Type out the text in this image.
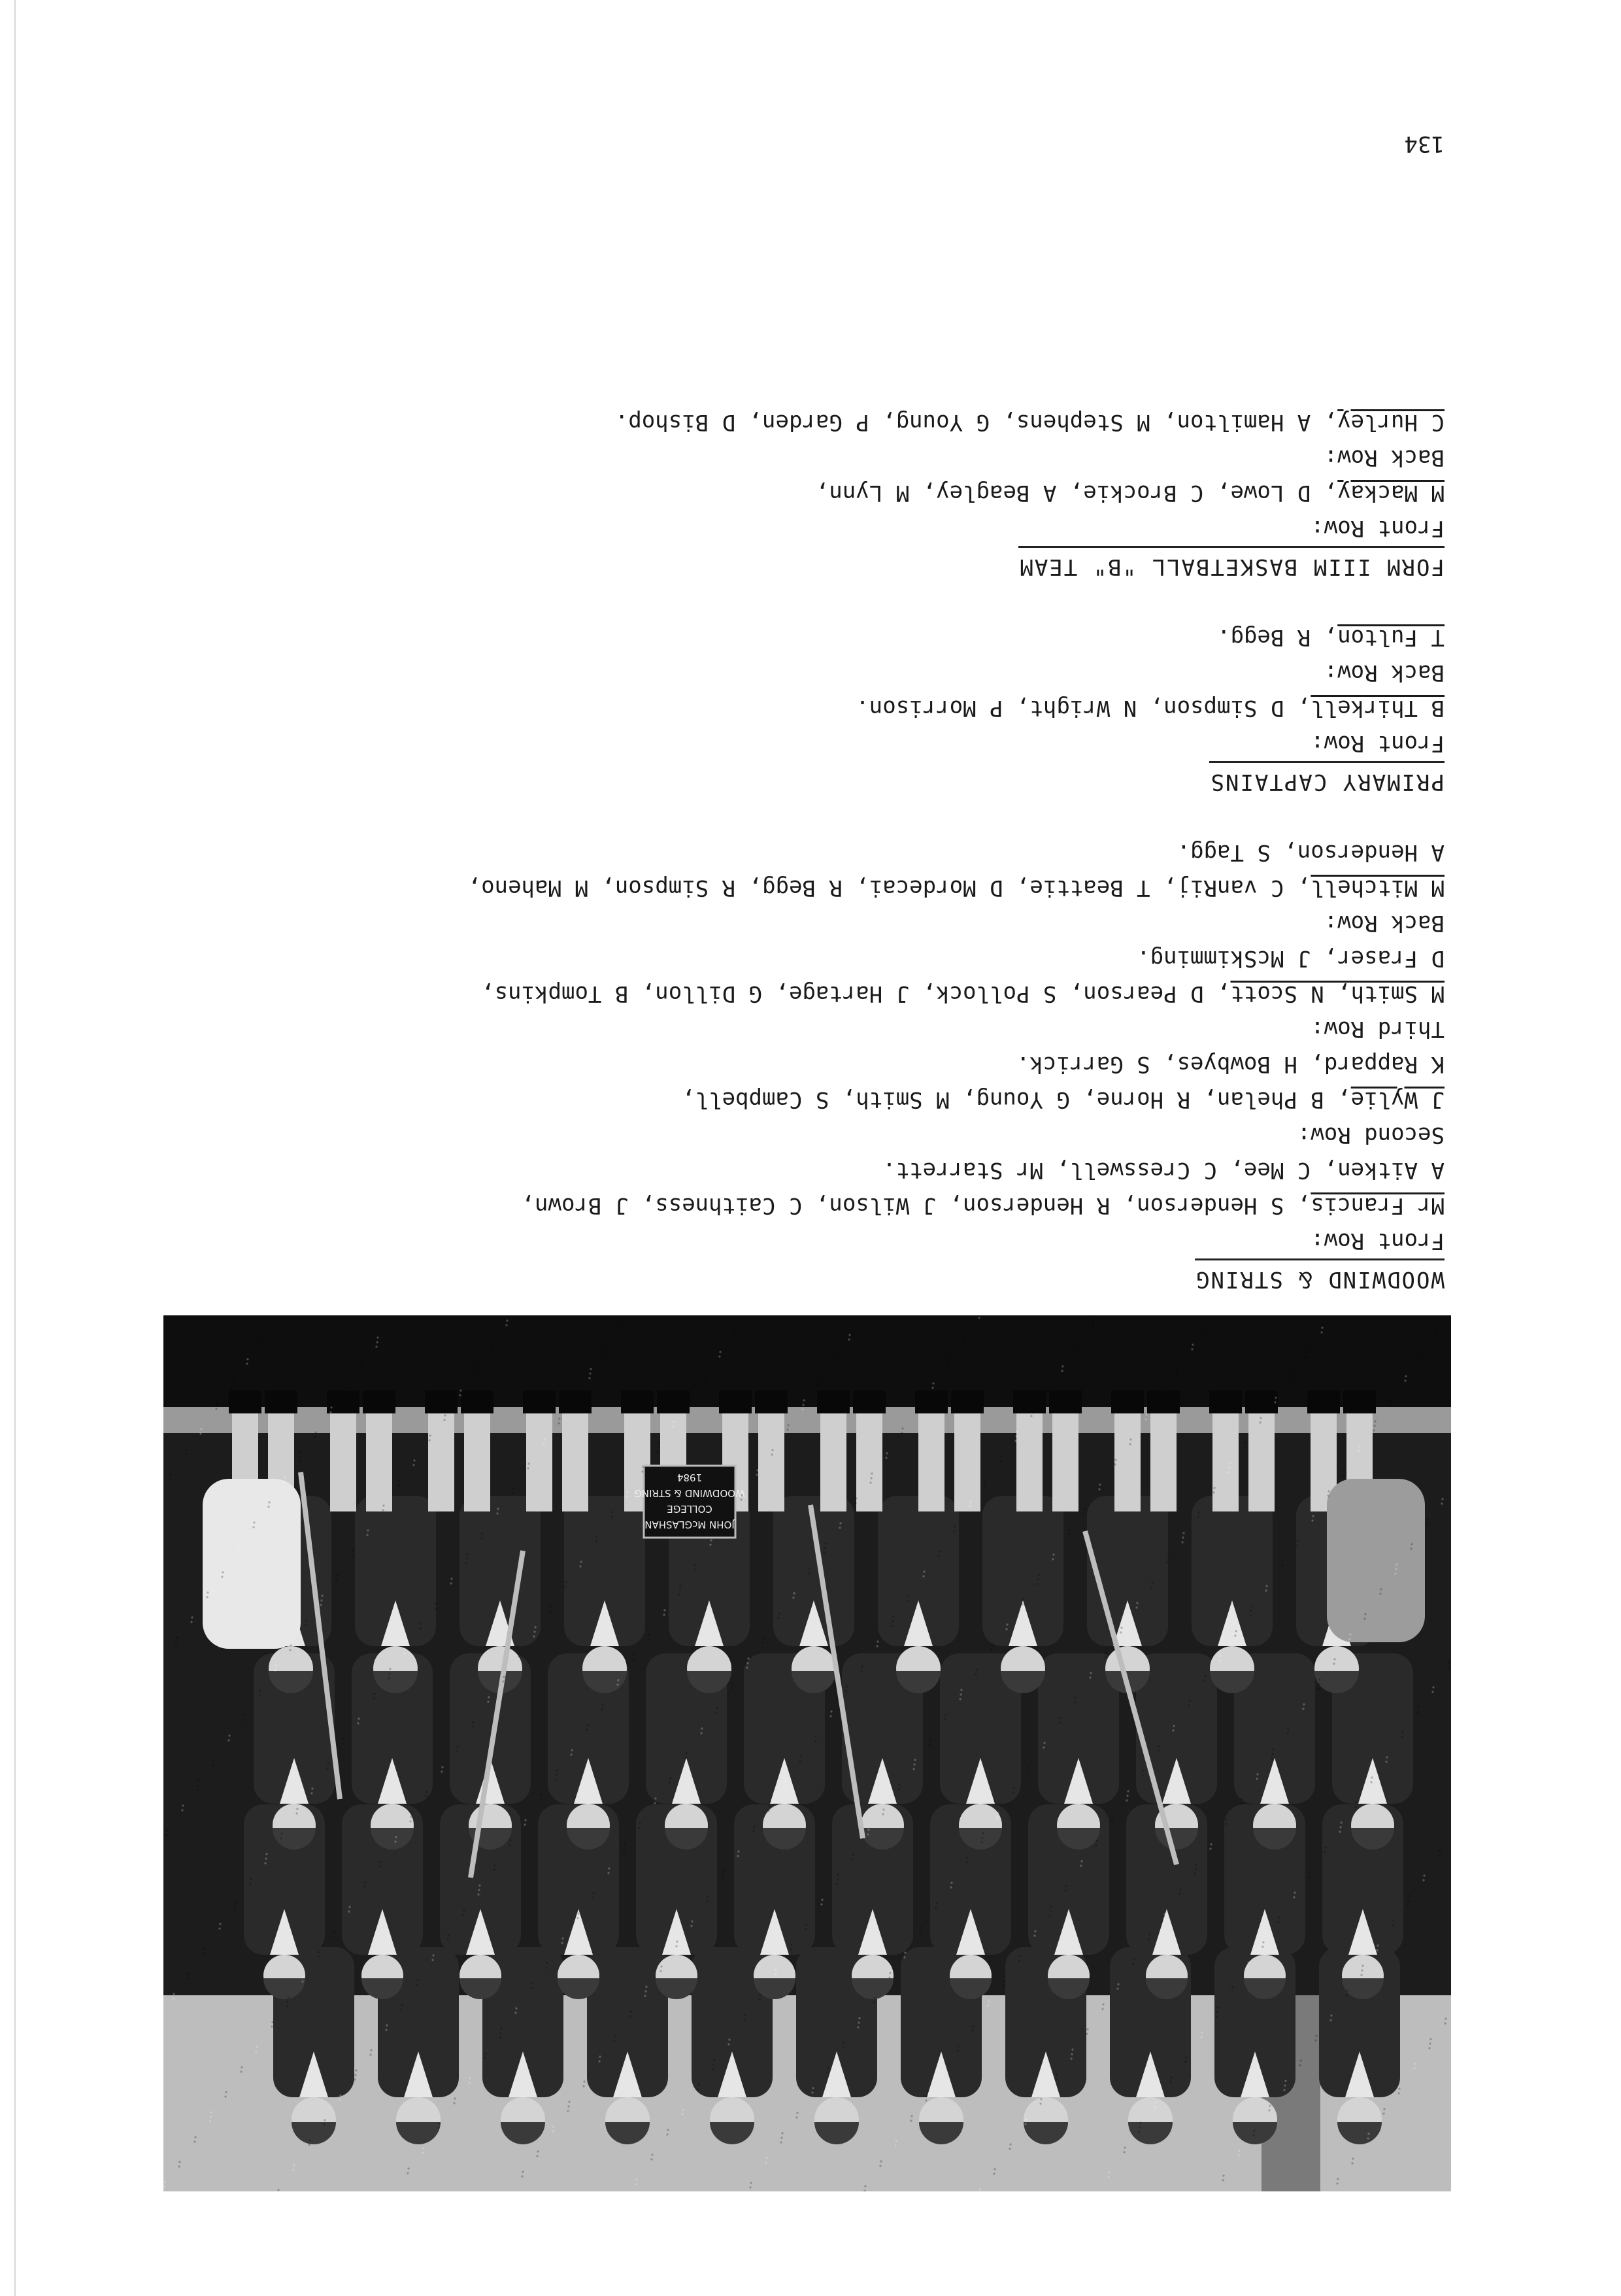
JOHN McGLASHAN
COLLEGE
WOODWIND & STRING
1984
WOODWIND & STRING
Front Row:
Mr Francis, S Henderson, R Henderson, J Wilson, C Caithness, J Brown,
A Aitken, C Mee, C Cresswell, Mr Starrett.
Second Row:
J Wylie, B Phelan, R Horne, G Young, M Smith, S Campbell,
K Rappard, H Bowbyes, S Garrick.
Third Row:
M Smith, N Scott, D Pearson, S Pollock, J Hartage, G Dillon, B Tompkins,
D Fraser, J McSkimming.
Back Row:
M Mitchell, C vanRij, T Beattie, D Mordecai, R Begg, R Simpson, M Maheno,
A Henderson, S Tagg.
PRIMARY CAPTAINS
Front Row:
B Thirkell, D Simpson, N Wright, P Morrison.
Back Row:
T Fulton, R Begg.
FORM IIIM BASKETBALL "B" TEAM
Front Row:
M Mackay, D Lowe, C Brockie, A Beagley, M Lynn,
Back Row:
C Hurley, A Hamilton, M Stephens, G Young, P Garden, D Bishop.
134
